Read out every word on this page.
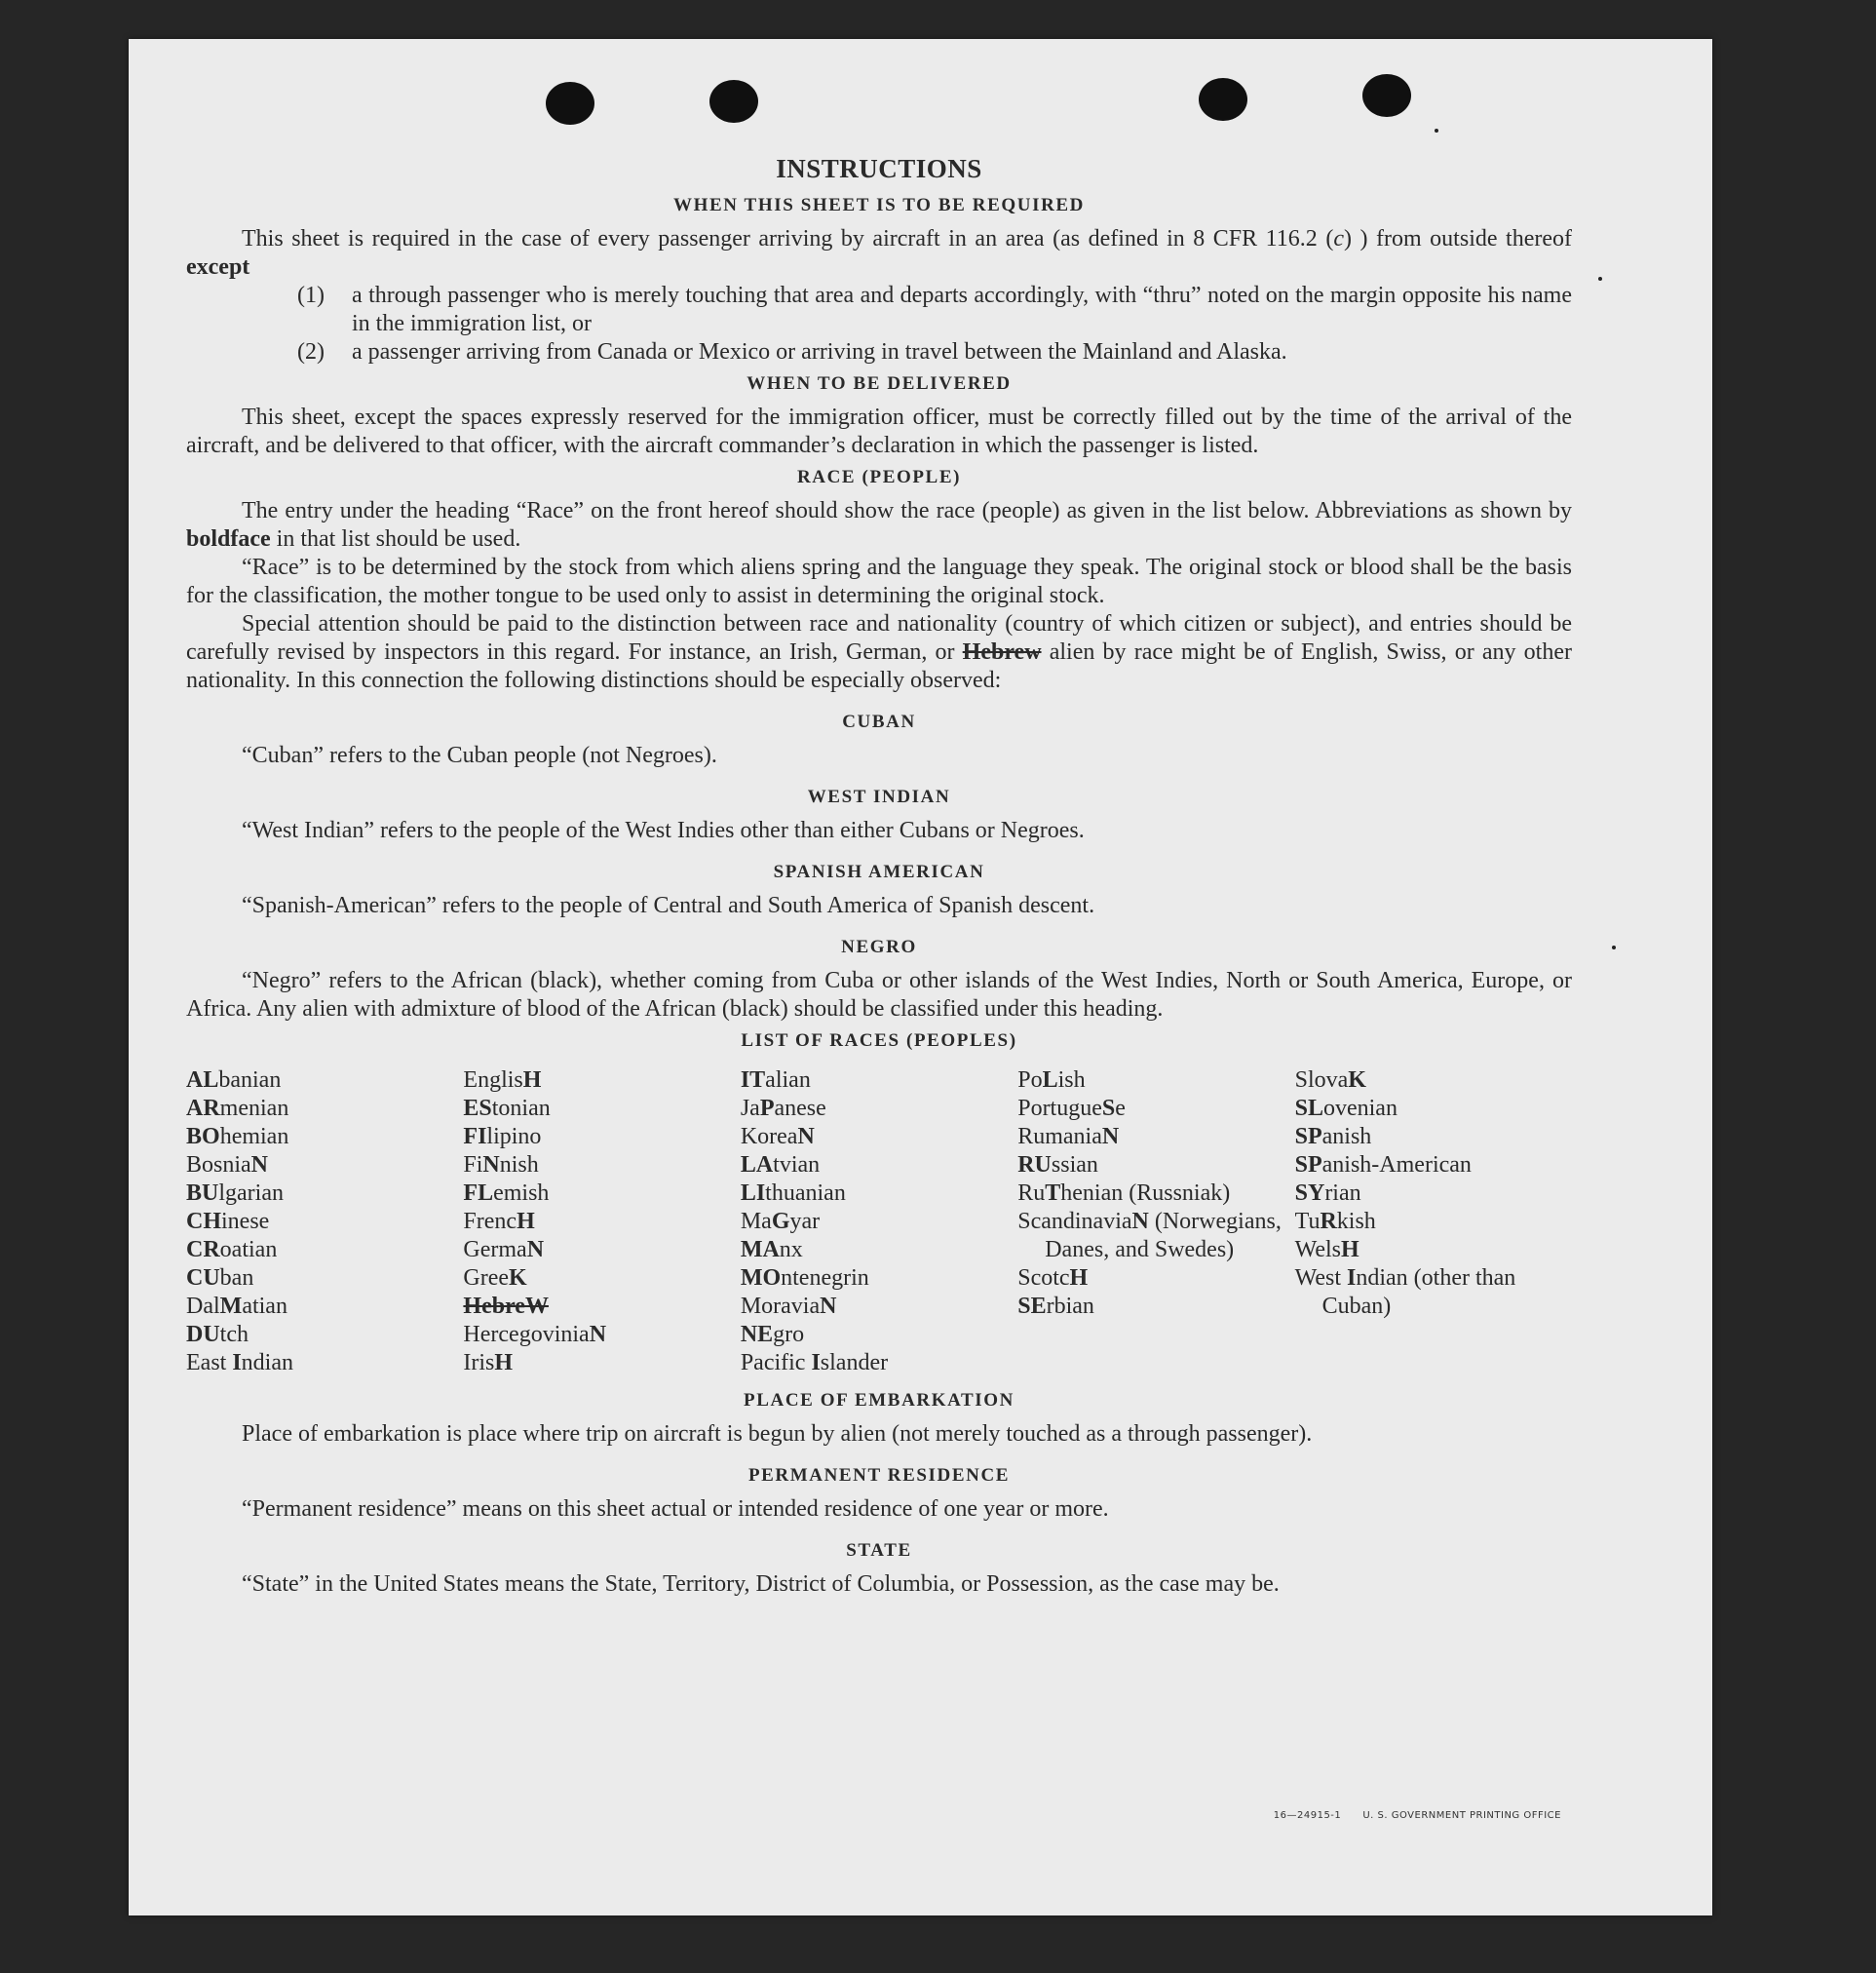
INSTRUCTIONS
WHEN THIS SHEET IS TO BE REQUIRED

This sheet is required in the case of every passenger arriving by aircraft in an area (as defined in 8 CFR 116.2 (c) ) from outside thereof except

(1) a through passenger who is merely touching that area and departs accordingly, with “thru” noted on the margin opposite his name in the immigration list, or
(2) a passenger arriving from Canada or Mexico or arriving in travel between the Mainland and Alaska.
WHEN TO BE DELIVERED

This sheet, except the spaces expressly reserved for the immigration officer, must be correctly filled out by the time of the arrival of the aircraft, and be delivered to that officer, with the aircraft commander’s declaration in which the passenger is listed.

RACE (PEOPLE)

The entry under the heading “Race” on the front hereof should show the race (people) as given in the list below. Abbreviations as shown by boldface in that list should be used.

“Race” is to be determined by the stock from which aliens spring and the language they speak. The original stock or blood shall be the basis for the classification, the mother tongue to be used only to assist in determining the original stock.

Special attention should be paid to the distinction between race and nationality (country of which citizen or subject), and entries should be carefully revised by inspectors in this regard. For instance, an Irish, German, or Hebrew alien by race might be of English, Swiss, or any other nationality. In this connection the following distinctions should be especially observed:

CUBAN

“Cuban” refers to the Cuban people (not Negroes).

WEST INDIAN

“West Indian” refers to the people of the West Indies other than either Cubans or Negroes.

SPANISH AMERICAN

“Spanish-American” refers to the people of Central and South America of Spanish descent.

NEGRO

“Negro” refers to the African (black), whether coming from Cuba or other islands of the West Indies, North or South America, Europe, or Africa. Any alien with admixture of blood of the African (black) should be classified under this heading.

LIST OF RACES (PEOPLES)
ALbanian
ARmenian
BOhemian
BosniaN
BUlgarian
CHinese
CRoatian
CUban
DalMatian
DUtch
East Indian
EnglisH
EStonian
FIlipino
FiNnish
FLemish
FrencH
GermaN
GreeK
HebreW
HercegoviniaN
IrisH
ITalian
JaPanese
KoreaN
LAtvian
LIthuanian
MaGyar
MAnx
MOntenegrin
MoraviaN
NEgro
Pacific Islander
PoLish
PortugueSe
RumaniaN
RUssian
RuThenian (Russniak)
ScandinaviaN (Norwegians, Danes, and Swedes)
ScotcH
SErbian
SlovaK
SLovenian
SPanish
SPanish-American
SYrian
TuRkish
WelsH
West Indian (other than Cuban)
PLACE OF EMBARKATION

Place of embarkation is place where trip on aircraft is begun by alien (not merely touched as a through passenger).

PERMANENT RESIDENCE

“Permanent residence” means on this sheet actual or intended residence of one year or more.

STATE

“State” in the United States means the State, Territory, District of Columbia, or Possession, as the case may be.

16—24915-1 U. S. GOVERNMENT PRINTING OFFICE
